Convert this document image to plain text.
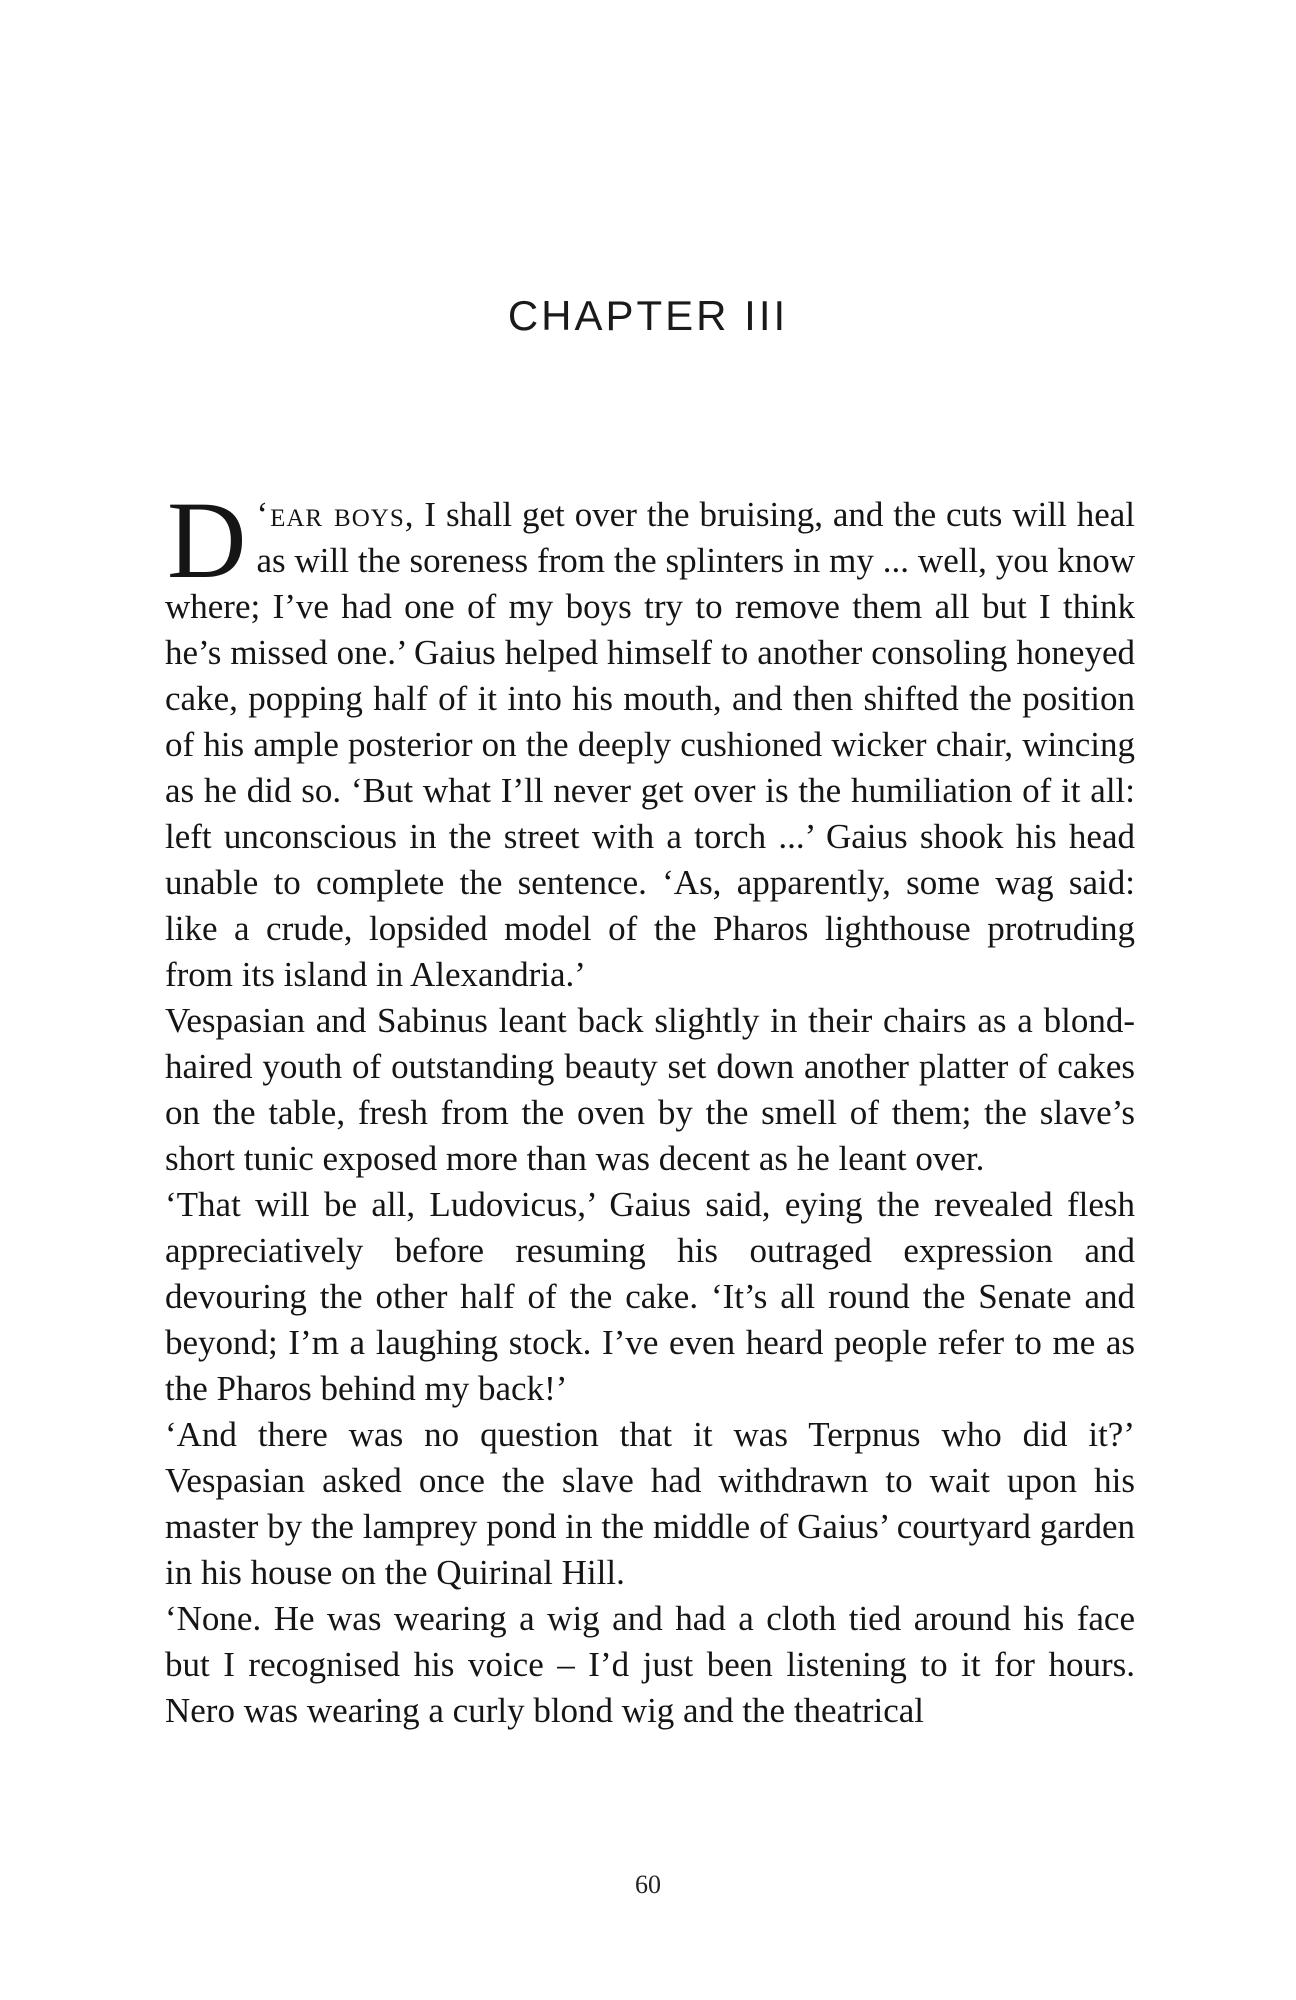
CHAPTER III

‘
D ear boys, I shall get over the bruising, and the cuts will heal as will the soreness from the splinters in my ... well, you know where; I’ve had one of my boys try to remove them all but I think he’s missed one.’ Gaius helped himself to another consoling honeyed cake, popping half of it into his mouth, and then shifted the position of his ample posterior on the deeply cushioned wicker chair, wincing as he did so. ‘But what I’ll never get over is the humiliation of it all: left unconscious in the street with a torch ...’ Gaius shook his head unable to complete the sentence. ‘As, apparently, some wag said: like a crude, lopsided model of the Pharos lighthouse protruding from its island in Alexandria.’

Vespasian and Sabinus leant back slightly in their chairs as a blond-haired youth of outstanding beauty set down another platter of cakes on the table, fresh from the oven by the smell of them; the slave’s short tunic exposed more than was decent as he leant over.

‘That will be all, Ludovicus,’ Gaius said, eying the revealed flesh appreciatively before resuming his outraged expression and devouring the other half of the cake. ‘It’s all round the Senate and beyond; I’m a laughing stock. I’ve even heard people refer to me as the Pharos behind my back!’

‘And there was no question that it was Terpnus who did it?’ Vespasian asked once the slave had withdrawn to wait upon his master by the lamprey pond in the middle of Gaius’ courtyard garden in his house on the Quirinal Hill.

‘None. He was wearing a wig and had a cloth tied around his face but I recognised his voice – I’d just been listening to it for hours. Nero was wearing a curly blond wig and the theatrical

60
